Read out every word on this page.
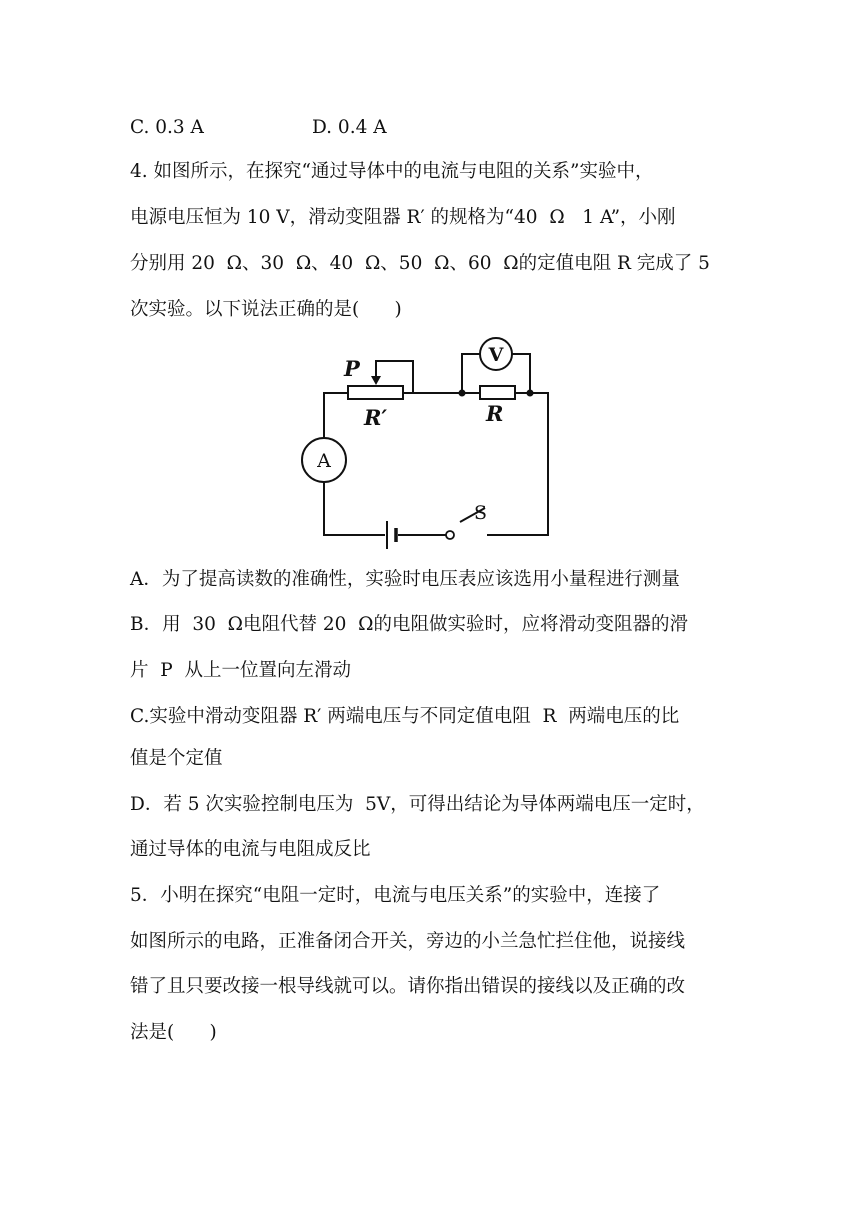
C. 0.3 A	D. 0.4 A
4. 如图所示，在探究“通过导体中的电流与电阻的关系”实验中，
电源电压恒为 10 V，滑动变阻器 R′ 的规格为“40  Ω   1 A”，小刚
分别用 20  Ω、30  Ω、40  Ω、50  Ω、60  Ω的定值电阻 R 完成了 5
次实验。以下说法正确的是(      )
P
R′	R
V
A
S
A．为了提高读数的准确性，实验时电压表应该选用小量程进行测量
B．用  30  Ω电阻代替 20  Ω的电阻做实验时，应将滑动变阻器的滑
片  P  从上一位置向左滑动
C.实验中滑动变阻器 R′ 两端电压与不同定值电阻  R  两端电压的比
值是个定值
D．若 5 次实验控制电压为  5V，可得出结论为导体两端电压一定时，
通过导体的电流与电阻成反比
5．小明在探究“电阻一定时，电流与电压关系”的实验中，连接了
如图所示的电路，正准备闭合开关，旁边的小兰急忙拦住他，说接线
错了且只要改接一根导线就可以。请你指出错误的接线以及正确的改
法是(      )
